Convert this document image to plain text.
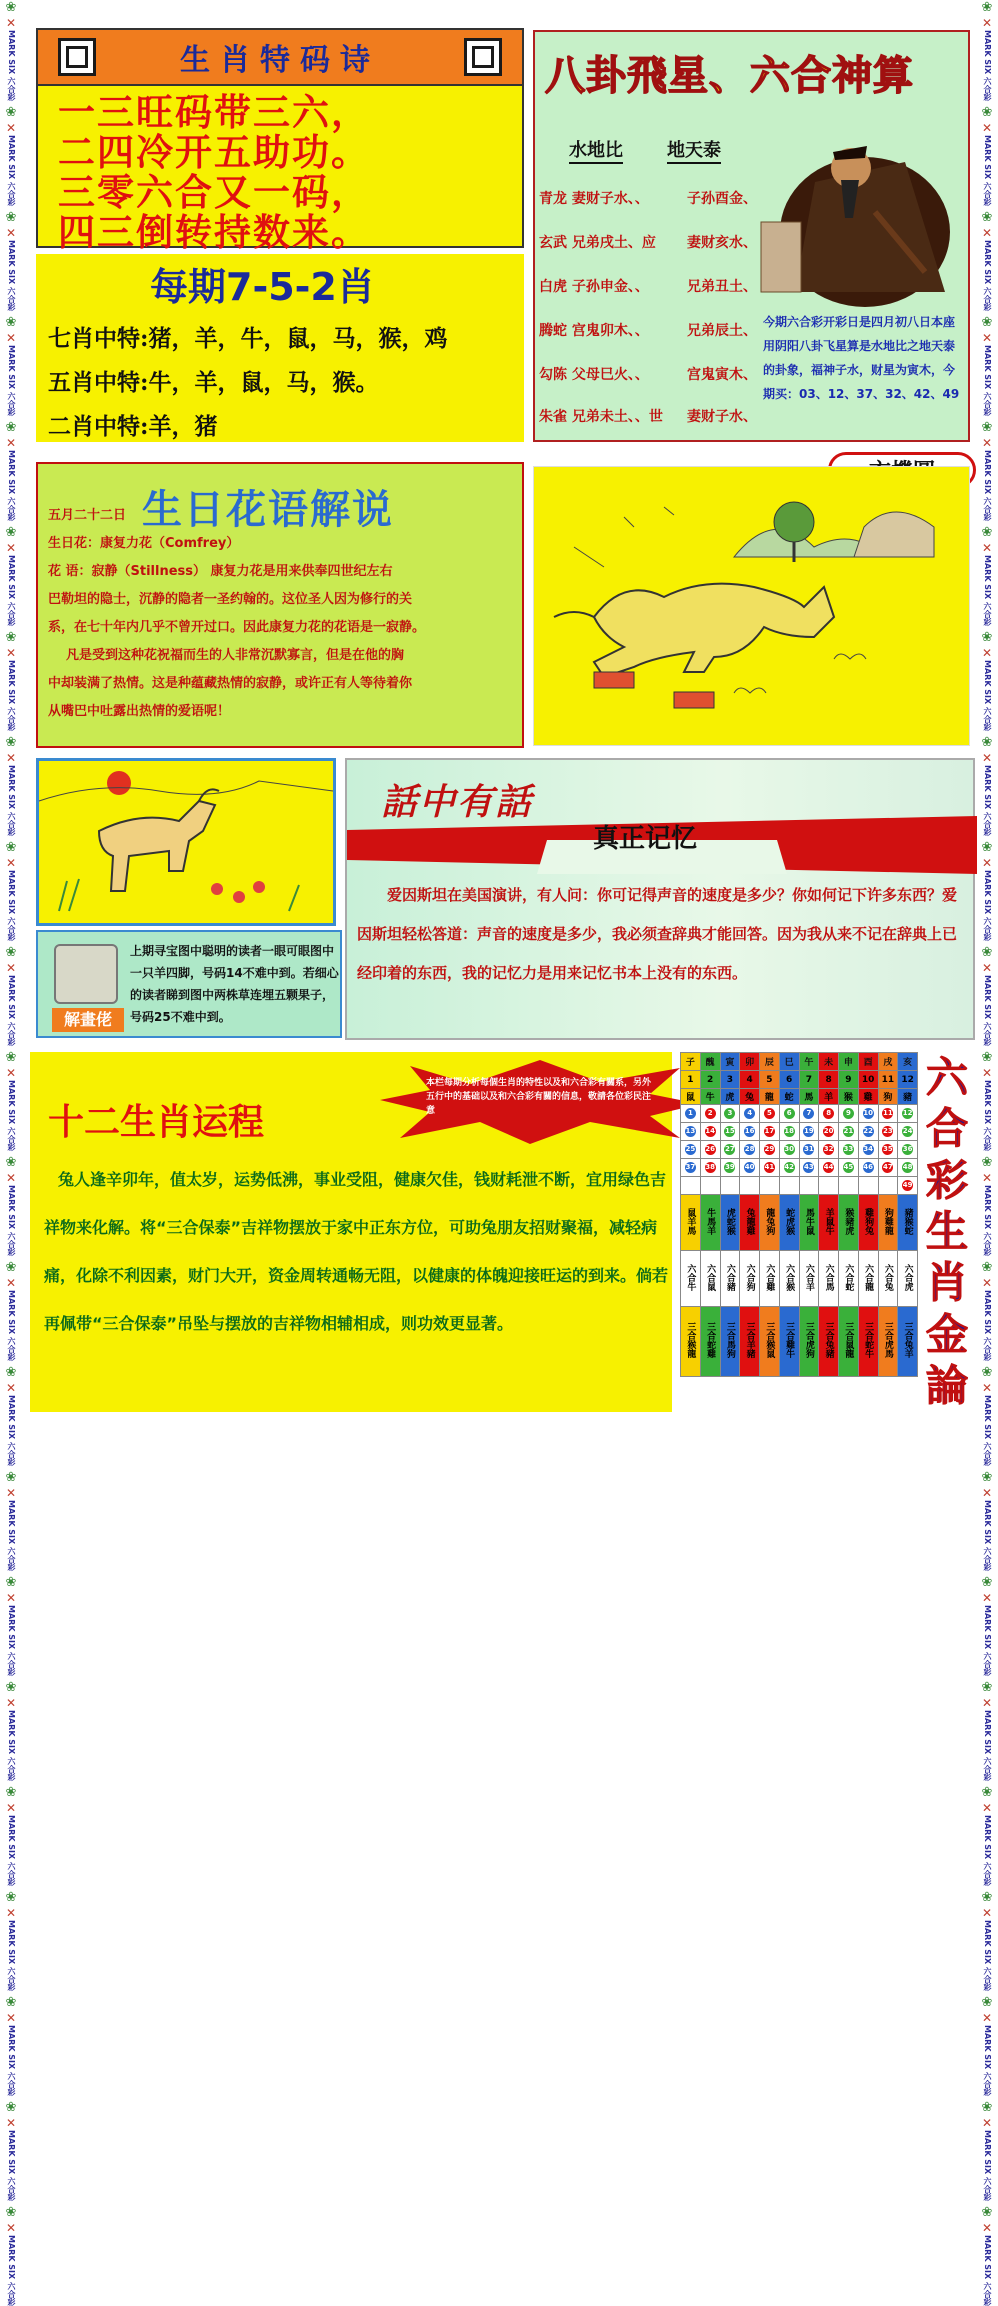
❀
✕
MARK SIX 六合彩
❀
✕
MARK SIX 六合彩
❀
✕
MARK SIX 六合彩
❀
✕
MARK SIX 六合彩
❀
✕
MARK SIX 六合彩
❀
✕
MARK SIX 六合彩
❀
✕
MARK SIX 六合彩
❀
✕
MARK SIX 六合彩
❀
✕
MARK SIX 六合彩
❀
✕
MARK SIX 六合彩
❀
✕
MARK SIX 六合彩
❀
✕
MARK SIX 六合彩
❀
✕
MARK SIX 六合彩
❀
✕
MARK SIX 六合彩
❀
✕
MARK SIX 六合彩
❀
✕
MARK SIX 六合彩
❀
✕
MARK SIX 六合彩
❀
✕
MARK SIX 六合彩
❀
✕
MARK SIX 六合彩
❀
✕
MARK SIX 六合彩
❀
✕
MARK SIX 六合彩
❀
✕
MARK SIX 六合彩
❀
✕
MARK SIX 六合彩
❀
✕
MARK SIX 六合彩
❀
✕
MARK SIX 六合彩
❀
✕
MARK SIX 六合彩
❀
✕
MARK SIX 六合彩
❀
✕
MARK SIX 六合彩
❀
✕
MARK SIX 六合彩
❀
✕
MARK SIX 六合彩
❀
✕
MARK SIX 六合彩
❀
✕
MARK SIX 六合彩
❀
✕
MARK SIX 六合彩
❀
✕
MARK SIX 六合彩
❀
✕
MARK SIX 六合彩
❀
✕
MARK SIX 六合彩
❀
✕
MARK SIX 六合彩
❀
✕
MARK SIX 六合彩
❀
✕
MARK SIX 六合彩
❀
✕
MARK SIX 六合彩
❀
✕
MARK SIX 六合彩
❀
✕
MARK SIX 六合彩
❀
✕
MARK SIX 六合彩
❀
✕
MARK SIX 六合彩
生肖特码诗
一三旺码带三六，
二四冷开五助功。
三零六合又一码，
四三倒转持数来。
每期7-5-2肖
七肖中特:猪，羊，牛，鼠，马，猴，鸡
五肖中特:牛，羊，鼠，马，猴。
二肖中特:羊，猪
八卦飛星、六合神算
水地比 地天泰
青龙 妻财子水、、	子孙酉金、
玄武 兄弟戌土、应 妻财亥水、
白虎 子孙申金、、	兄弟丑土、
腾蛇 宫鬼卯木、、	兄弟辰土、
勾陈 父母巳火、、	宫鬼寅木、
朱雀 兄弟未土、、世 妻财子水、
今期六合彩开彩日是四月初八日本座用阴阳八卦飞星算是水地比之地天泰的卦象，福神子水，财星为寅木，今期买：03、12、37、32、42、49
生日花语解说
五月二十二日
生日花：康复力花（Comfrey）
花 语：寂静（Stillness） 康复力花是用来供奉四世纪左右
巴勒坦的隐士，沉静的隐者一圣约翰的。这位圣人因为修行的关
系，在七十年内几乎不曾开过口。因此康复力花的花语是一寂静。
凡是受到这种花祝福而生的人非常沉默寡言，但是在他的胸
中却装满了热情。这是种蕴藏热情的寂静，或许正有人等待着你
从嘴巴中吐露出热情的爱语呢！
解畫佬
上期寻宝图中聪明的读者一眼可眼图中一只羊四脚，号码14不难中到。若细心的读者睇到图中两株草连埋五颗果子，号码25不难中到。
話中有話
真正记忆
爱因斯坦在美国演讲，有人问：你可记得声音的速度是多少？你如何记下许多东西？爱因斯坦轻松答道：声音的速度是多少，我必须查辞典才能回答。因为我从来不记在辞典上已经印着的东西，我的记忆力是用来记忆书本上没有的东西。
本栏每期分析每個生肖的特性以及和六合彩有關系，另外五行中的基础以及和六合彩有關的信息，敬請各位彩民注意
十二生肖运程
兔人逢辛卯年，值太岁，运势低沸，事业受阻，健康欠佳，钱财耗泄不断，宜用绿色吉祥物来化解。将“三合保泰”吉祥物摆放于家中正东方位，可助兔朋友招财聚福，减轻病痛，化除不利因素，财门大开，资金周转通畅无阻，以健康的体魄迎接旺运的到来。倘若再佩带“三合保泰”吊坠与摆放的吉祥物相辅相成，则功效更显著。
子	醜	寅	卯	辰	巳	午	未	申	酉	戌	亥
1	2	3	4	5	6	7	8	9	10	11	12
鼠	牛	虎	兔	龍	蛇	馬	羊	猴	雞	狗	豬
1	2	3	4	5	6	7	8	9	10	11	12
13	14	15	16	17	18	19	20	21	22	23	24
25	26	27	28	29	30	31	32	33	34	35	36
37	38	39	40	41	42	43	44	45	46	47	48
											49
鼠羊馬	牛馬羊	虎蛇猴	兔龍雞	龍兔狗	蛇虎猴	馬牛鼠	羊鼠牛	猴豬虎	雞狗兔	狗雞龍	豬猴蛇
六合牛	六合鼠	六合豬	六合狗	六合雞	六合猴	六合羊	六合馬	六合蛇	六合龍	六合兔	六合虎
三合猴龍	三合蛇雞	三合馬狗	三合羊豬	三合猴鼠	三合雞牛	三合虎狗	三合兔豬	三合鼠龍	三合蛇牛	三合虎馬	三合兔羊
六
合
彩
生
肖
金
論
